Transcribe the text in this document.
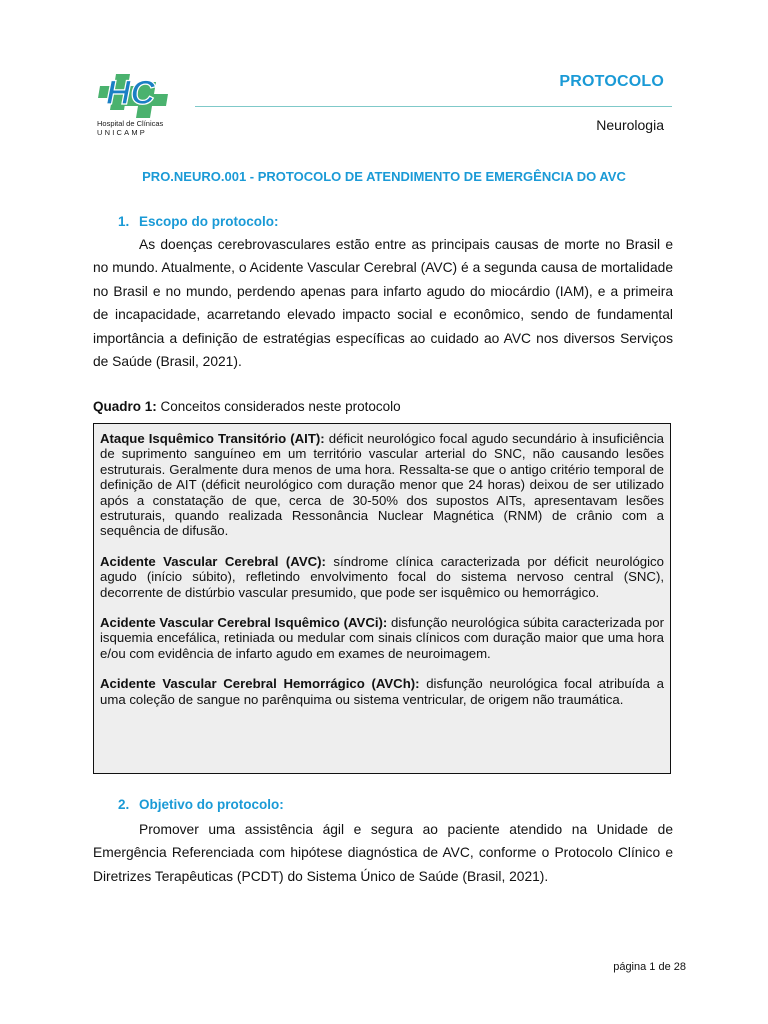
HC
Hospital de Clínicas
UNICAMP
PROTOCOLO
Neurologia
PRO.NEURO.001 - PROTOCOLO DE ATENDIMENTO DE EMERGÊNCIA DO AVC
1. Escopo do protocolo:
As doenças cerebrovasculares estão entre as principais causas de morte no Brasil e no mundo. Atualmente, o Acidente Vascular Cerebral (AVC) é a segunda causa de mortalidade no Brasil e no mundo, perdendo apenas para infarto agudo do miocárdio (IAM), e a primeira de incapacidade, acarretando elevado impacto social e econômico, sendo de fundamental importância a definição de estratégias específicas ao cuidado ao AVC nos diversos Serviços de Saúde (Brasil, 2021).
Quadro 1: Conceitos considerados neste protocolo

Ataque Isquêmico Transitório (AIT): déficit neurológico focal agudo secundário à insuficiência de suprimento sanguíneo em um território vascular arterial do SNC, não causando lesões estruturais. Geralmente dura menos de uma hora. Ressalta-se que o antigo critério temporal de definição de AIT (déficit neurológico com duração menor que 24 horas) deixou de ser utilizado após a constatação de que, cerca de 30-50% dos supostos AITs, apresentavam lesões estruturais, quando realizada Ressonância Nuclear Magnética (RNM) de crânio com a sequência de difusão.

Acidente Vascular Cerebral (AVC): síndrome clínica caracterizada por déficit neurológico agudo (início súbito), refletindo envolvimento focal do sistema nervoso central (SNC), decorrente de distúrbio vascular presumido, que pode ser isquêmico ou hemorrágico.

Acidente Vascular Cerebral Isquêmico (AVCi): disfunção neurológica súbita caracterizada por isquemia encefálica, retiniada ou medular com sinais clínicos com duração maior que uma hora e/ou com evidência de infarto agudo em exames de neuroimagem.

Acidente Vascular Cerebral Hemorrágico (AVCh): disfunção neurológica focal atribuída a uma coleção de sangue no parênquima ou sistema ventricular, de origem não traumática.

2. Objetivo do protocolo:
Promover uma assistência ágil e segura ao paciente atendido na Unidade de Emergência Referenciada com hipótese diagnóstica de AVC, conforme o Protocolo Clínico e Diretrizes Terapêuticas (PCDT) do Sistema Único de Saúde (Brasil, 2021).
página 1 de 28
